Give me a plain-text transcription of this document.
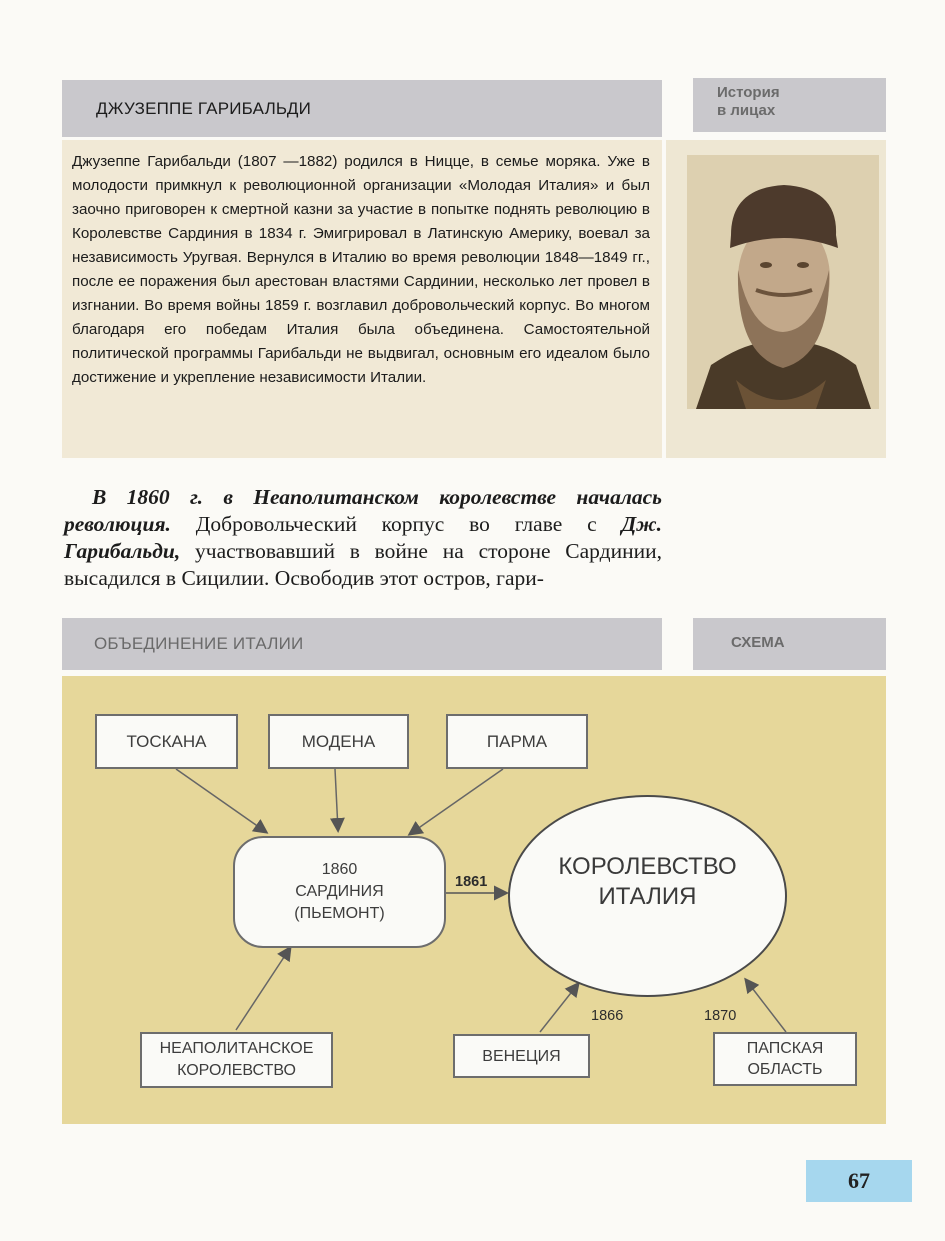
ДЖУЗЕППЕ ГАРИБАЛЬДИ
История
в лицах

Джузеппе Гарибальди (1807 —1882) родился в Ницце, в семье моряка. Уже в молодости примкнул к революционной организации «Молодая Италия» и был заочно приговорен к смертной казни за участие в попытке поднять революцию в Королевстве Сардиния в 1834 г. Эмигрировал в Латинскую Америку, воевал за независимость Уругвая. Вернулся в Италию во время революции 1848—1849 гг., после ее поражения был арестован властями Сардинии, несколько лет провел в изгнании. Во время войны 1859 г. возглавил добровольческий корпус. Во многом благодаря его победам Италия была объединена. Самостоятельной политической программы Гарибальди не выдвигал, основным его идеалом было достижение и укрепление независимости Италии.

В 1860 г. в Неаполитанском королевстве началась революция. Добровольческий корпус во главе с Дж. Гарибальди, участвовавший в войне на стороне Сардинии, высадился в Сицилии. Освободив этот остров, гари-
ОБЪЕДИНЕНИЕ ИТАЛИИ	СХЕМА
ТОСКАНА	МОДЕНА	ПАРМА
1860
САРДИНИЯ
(ПЬЕМОНТ)
1861
КОРОЛЕВСТВО
ИТАЛИЯ
НЕАПОЛИТАНСКОЕ
КОРОЛЕВСТВО
ВЕНЕЦИЯ
1866
ПАПСКАЯ
ОБЛАСТЬ
1870
67
